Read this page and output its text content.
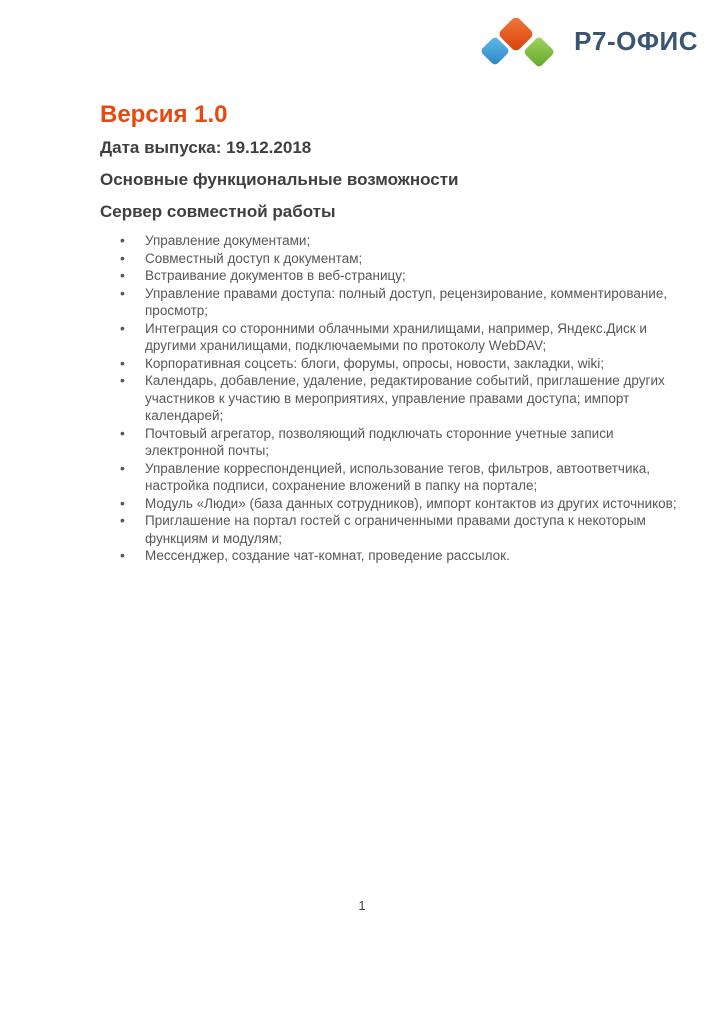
Р7-ОФИС
Версия 1.0
Дата выпуска: 19.12.2018
Основные функциональные возможности
Сервер совместной работы
• Управление документами;
• Совместный доступ к документам;
• Встраивание документов в веб-страницу;
• Управление правами доступа: полный доступ, рецензирование, комментирование, просмотр;
• Интеграция со сторонними облачными хранилищами, например, Яндекс.Диск и другими хранилищами, подключаемыми по протоколу WebDAV;
• Корпоративная соцсеть: блоги, форумы, опросы, новости, закладки, wiki;
• Календарь, добавление, удаление, редактирование событий, приглашение других участников к участию в мероприятиях, управление правами доступа; импорт календарей;
• Почтовый агрегатор, позволяющий подключать сторонние учетные записи электронной почты;
• Управление корреспонденцией, использование тегов, фильтров, автоответчика, настройка подписи, сохранение вложений в папку на портале;
• Модуль «Люди» (база данных сотрудников), импорт контактов из других источников;
• Приглашение на портал гостей с ограниченными правами доступа к некоторым функциям и модулям;
• Мессенджер, создание чат-комнат, проведение рассылок.
1
